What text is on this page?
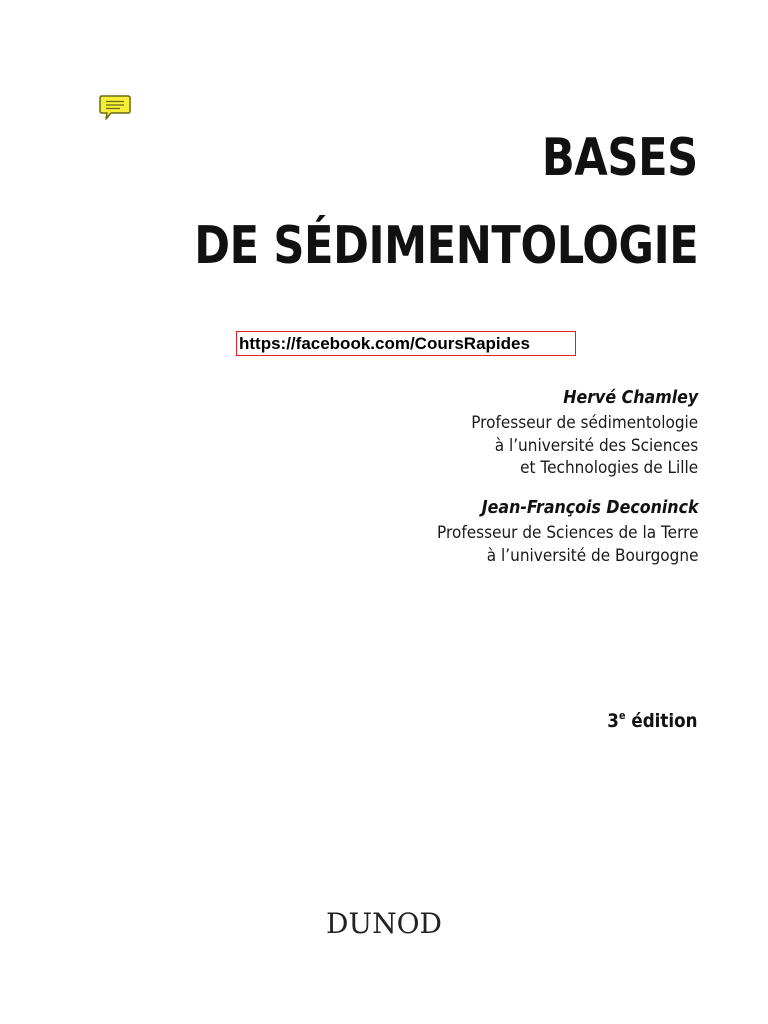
BASES
DE SÉDIMENTOLOGIE
https://facebook.com/CoursRapides
Hervé Chamley
Professeur de sédimentologie
à l’université des Sciences
et Technologies de Lille
Jean-François Deconinck
Professeur de Sciences de la Terre
à l’université de Bourgogne
3e édition
DUNOD
